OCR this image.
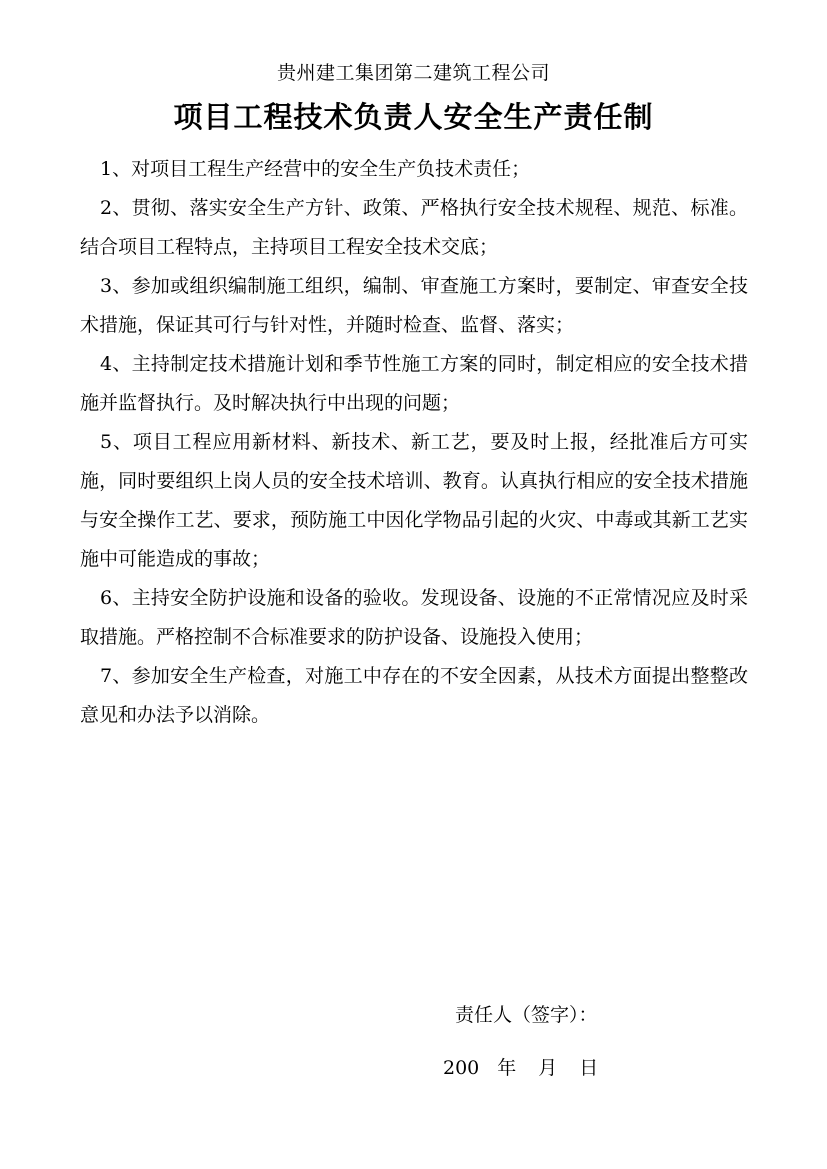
贵州建工集团第二建筑工程公司
项目工程技术负责人安全生产责任制

1、对项目工程生产经营中的安全生产负技术责任；

2、贯彻、落实安全生产方针、政策、严格执行安全技术规程、规范、标准。结合项目工程特点，主持项目工程安全技术交底；

3、参加或组织编制施工组织，编制、审查施工方案时，要制定、审查安全技术措施，保证其可行与针对性，并随时检查、监督、落实；

4、主持制定技术措施计划和季节性施工方案的同时，制定相应的安全技术措施并监督执行。及时解决执行中出现的问题；

5、项目工程应用新材料、新技术、新工艺，要及时上报，经批准后方可实施，同时要组织上岗人员的安全技术培训、教育。认真执行相应的安全技术措施与安全操作工艺、要求，预防施工中因化学物品引起的火灾、中毒或其新工艺实施中可能造成的事故；

6、主持安全防护设施和设备的验收。发现设备、设施的不正常情况应及时采取措施。严格控制不合标准要求的防护设备、设施投入使用；

7、参加安全生产检查，对施工中存在的不安全因素，从技术方面提出整整改意见和办法予以消除。

责任人（签字）：
200 年 月 日
